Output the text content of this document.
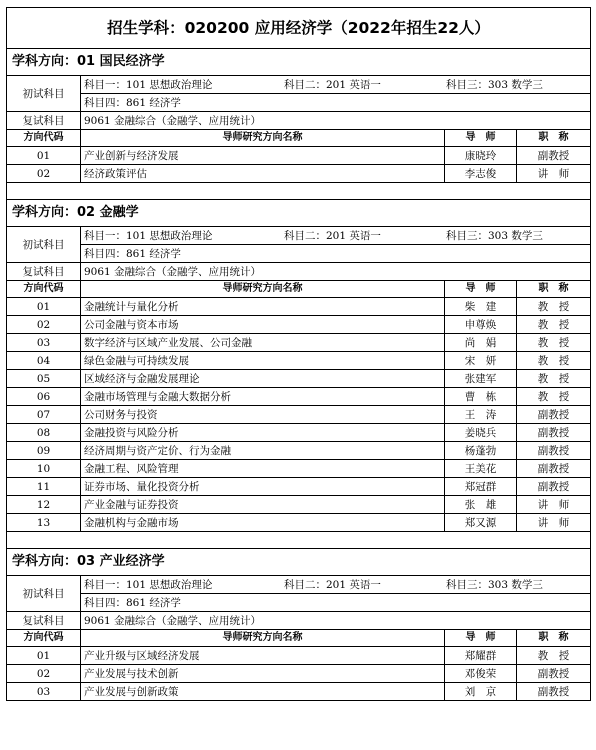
招生学科：020200 应用经济学（2022年招生22人）			
学科方向：01 国民经济学			
初试科目	科目一：101 思想政治理论 科目二：201 英语一 科目三：303 数学三		
	科目四：861 经济学		
复试科目	9061 金融综合（金融学、应用统计）		
方向代码	导师研究方向名称	导　师	职　称
01	产业创新与经济发展	康晓玲	副教授
02	经济政策评估	李志俊	讲　师

学科方向：02 金融学			
初试科目	科目一：101 思想政治理论 科目二：201 英语一 科目三：303 数学三		
	科目四：861 经济学		
复试科目	9061 金融综合（金融学、应用统计）		
方向代码	导师研究方向名称	导　师	职　称
01	金融统计与量化分析	柴　建	教　授
02	公司金融与资本市场	申尊焕	教　授
03	数字经济与区域产业发展、公司金融	尚　娟	教　授
04	绿色金融与可持续发展	宋　妍	教　授
05	区域经济与金融发展理论	张建军	教　授
06	金融市场管理与金融大数据分析	曹　栋	教　授
07	公司财务与投资	王　涛	副教授
08	金融投资与风险分析	姜晓兵	副教授
09	经济周期与资产定价、行为金融	杨蓬勃	副教授
10	金融工程、风险管理	王美花	副教授
11	证券市场、量化投资分析	郑冠群	副教授
12	产业金融与证券投资	张　雄	讲　师
13	金融机构与金融市场	郑又源	讲　师

学科方向：03 产业经济学			
初试科目	科目一：101 思想政治理论 科目二：201 英语一 科目三：303 数学三		
	科目四：861 经济学		
复试科目	9061 金融综合（金融学、应用统计）		
方向代码	导师研究方向名称	导　师	职　称
01	产业升级与区域经济发展	郑耀群	教　授
02	产业发展与技术创新	邓俊荣	副教授
03	产业发展与创新政策	刘　京	副教授
